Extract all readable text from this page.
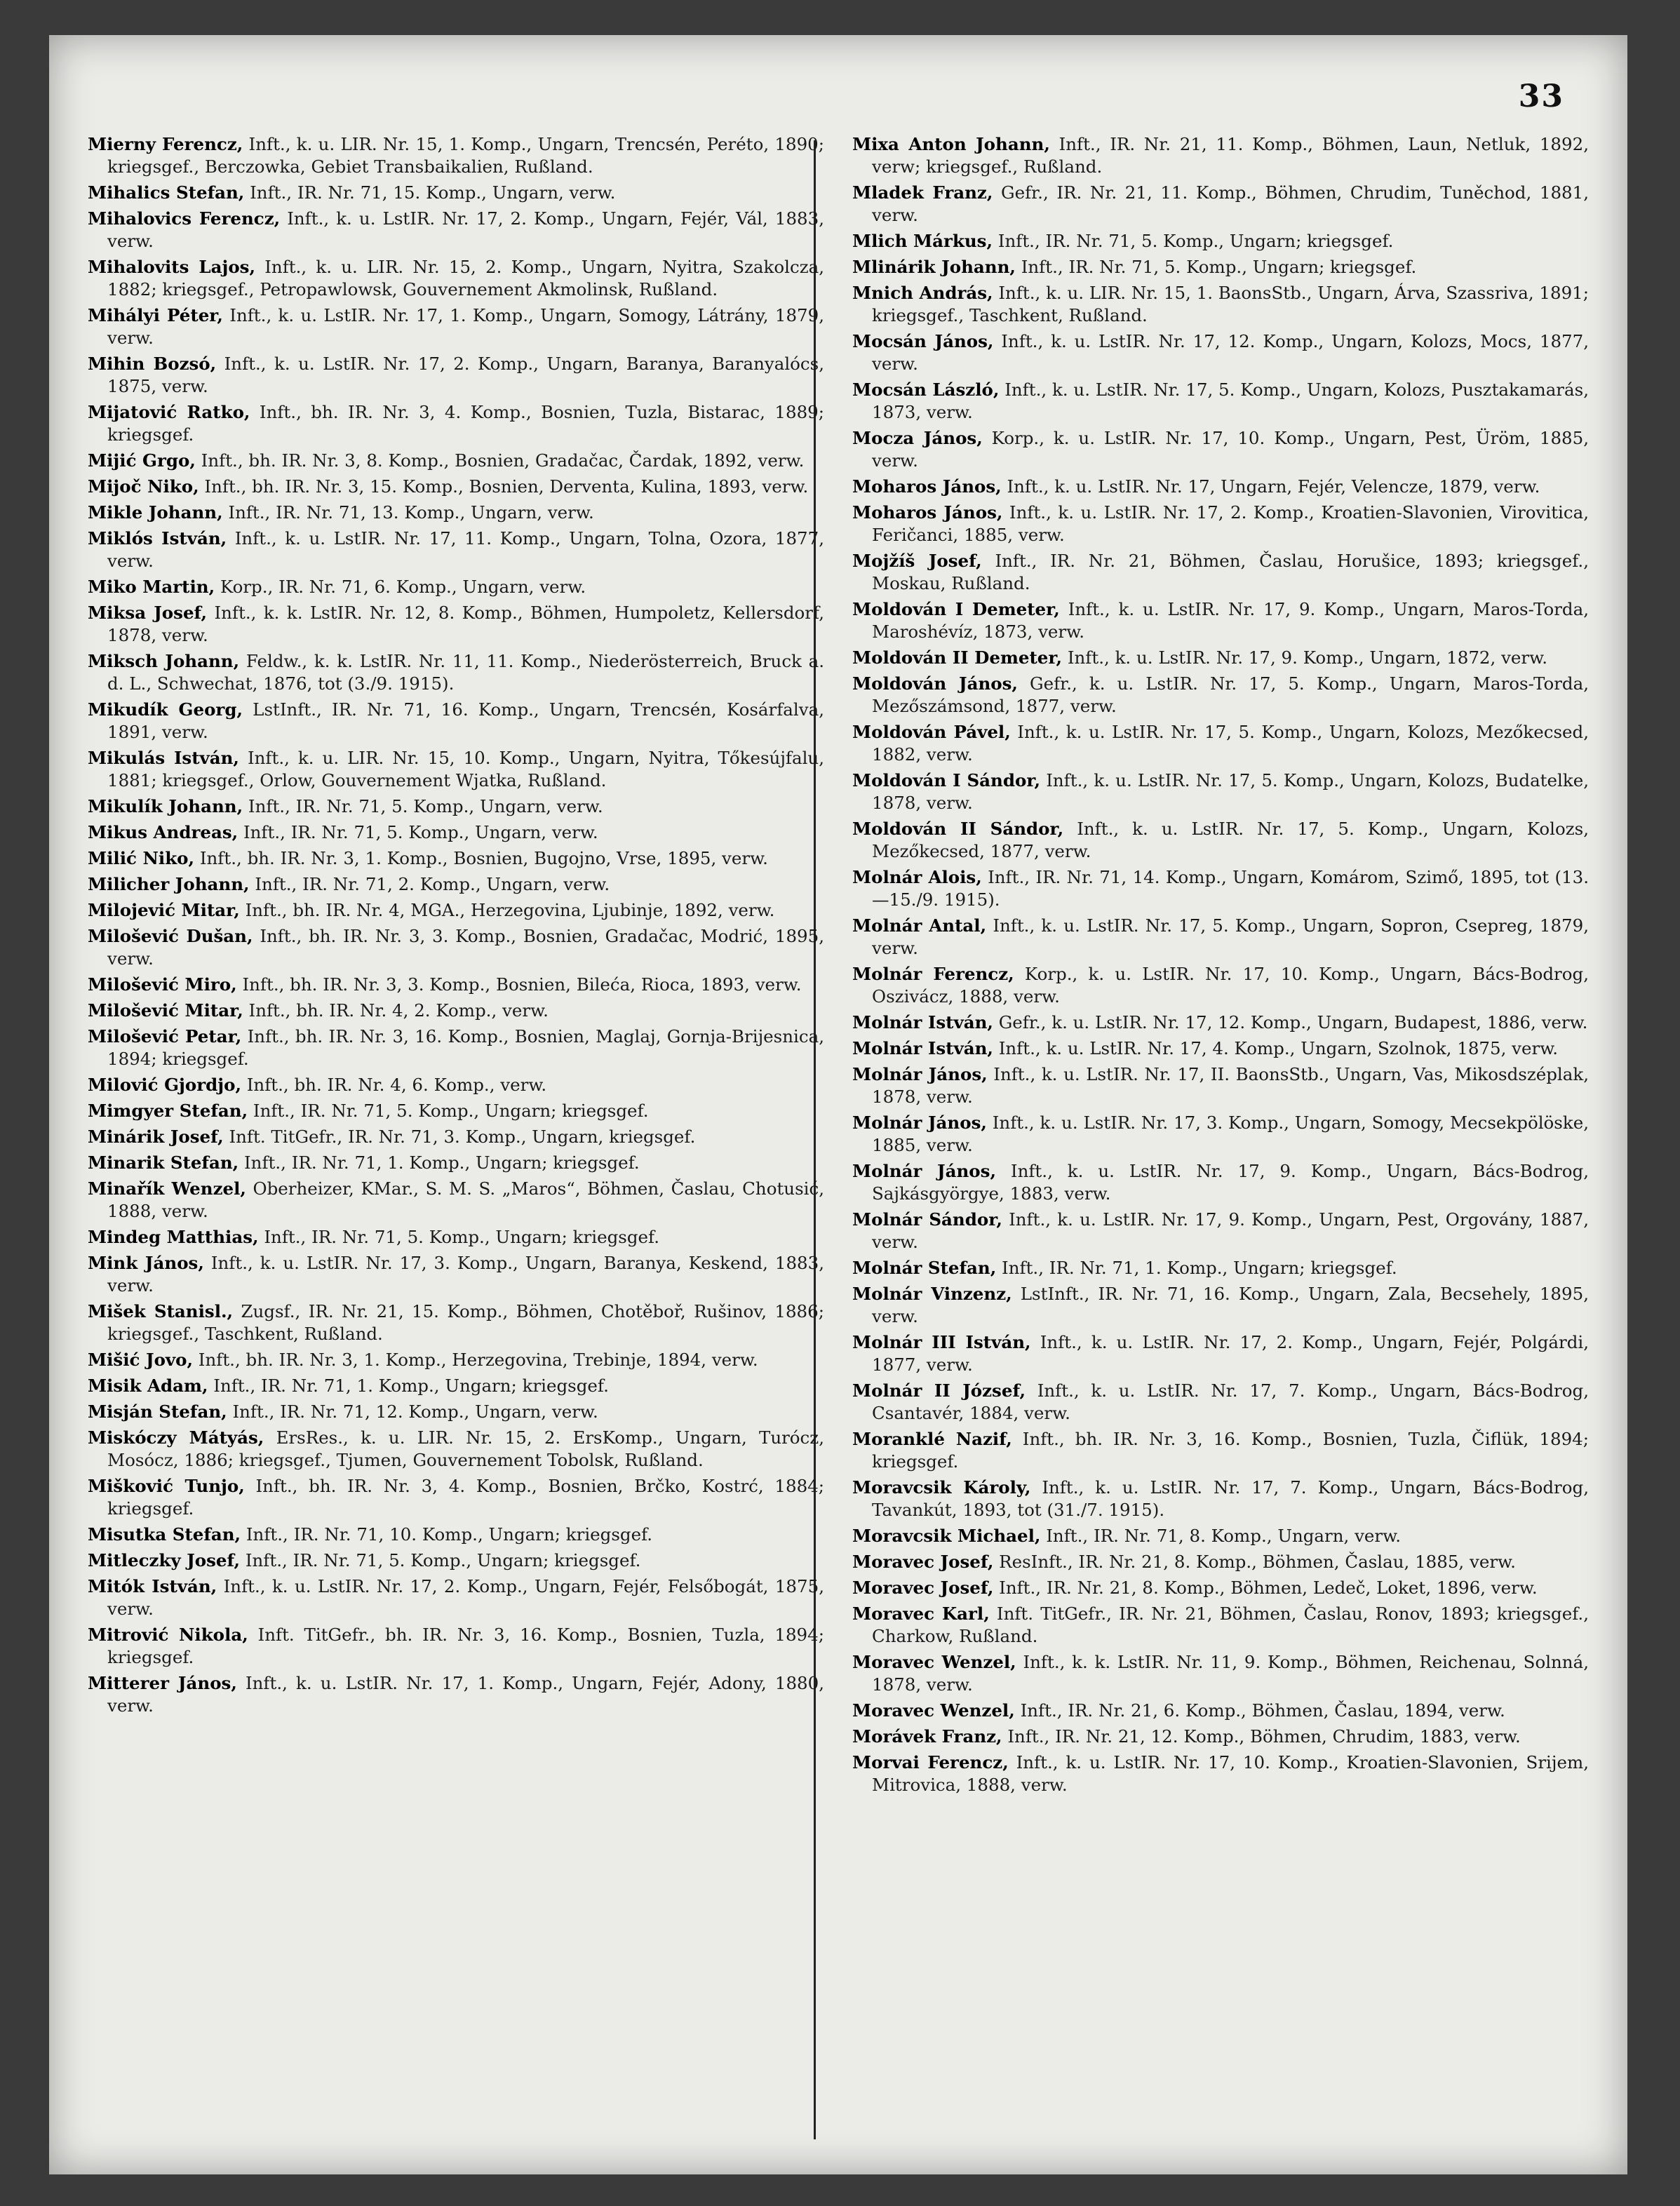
33

Mierny Ferencz, Inft., k. u. LIR. Nr. 15, 1. Komp., Ungarn, Trencsén, Peréto, 1890; kriegsgef., Berczowka, Gebiet Transbaikalien, Rußland.

Mihalics Stefan, Inft., IR. Nr. 71, 15. Komp., Ungarn, verw.

Mihalovics Ferencz, Inft., k. u. LstIR. Nr. 17, 2. Komp., Ungarn, Fejér, Vál, 1883, verw.

Mihalovits Lajos, Inft., k. u. LIR. Nr. 15, 2. Komp., Ungarn, Nyitra, Szakolcza, 1882; kriegsgef., Petropawlowsk, Gouvernement Akmolinsk, Rußland.

Mihályi Péter, Inft., k. u. LstIR. Nr. 17, 1. Komp., Ungarn, Somogy, Látrány, 1879, verw.

Mihin Bozsó, Inft., k. u. LstIR. Nr. 17, 2. Komp., Ungarn, Baranya, Baranyalócs, 1875, verw.

Mijatović Ratko, Inft., bh. IR. Nr. 3, 4. Komp., Bosnien, Tuzla, Bistarac, 1889; kriegsgef.

Mijić Grgo, Inft., bh. IR. Nr. 3, 8. Komp., Bosnien, Gradačac, Čardak, 1892, verw.

Mijoč Niko, Inft., bh. IR. Nr. 3, 15. Komp., Bosnien, Derventa, Kulina, 1893, verw.

Mikle Johann, Inft., IR. Nr. 71, 13. Komp., Ungarn, verw.

Miklós István, Inft., k. u. LstIR. Nr. 17, 11. Komp., Ungarn, Tolna, Ozora, 1877, verw.

Miko Martin, Korp., IR. Nr. 71, 6. Komp., Ungarn, verw.

Miksa Josef, Inft., k. k. LstIR. Nr. 12, 8. Komp., Böhmen, Humpoletz, Kellersdorf, 1878, verw.

Miksch Johann, Feldw., k. k. LstIR. Nr. 11, 11. Komp., Niederösterreich, Bruck a. d. L., Schwechat, 1876, tot (3./9. 1915).

Mikudík Georg, LstInft., IR. Nr. 71, 16. Komp., Ungarn, Trencsén, Kosárfalva, 1891, verw.

Mikulás István, Inft., k. u. LIR. Nr. 15, 10. Komp., Ungarn, Nyitra, Tőkesújfalu, 1881; kriegsgef., Orlow, Gouvernement Wjatka, Rußland.

Mikulík Johann, Inft., IR. Nr. 71, 5. Komp., Ungarn, verw.

Mikus Andreas, Inft., IR. Nr. 71, 5. Komp., Ungarn, verw.

Milić Niko, Inft., bh. IR. Nr. 3, 1. Komp., Bosnien, Bugojno, Vrse, 1895, verw.

Milicher Johann, Inft., IR. Nr. 71, 2. Komp., Ungarn, verw.

Milojević Mitar, Inft., bh. IR. Nr. 4, MGA., Herzegovina, Ljubinje, 1892, verw.

Milošević Dušan, Inft., bh. IR. Nr. 3, 3. Komp., Bosnien, Gradačac, Modrić, 1895, verw.

Milošević Miro, Inft., bh. IR. Nr. 3, 3. Komp., Bosnien, Bileća, Rioca, 1893, verw.

Milošević Mitar, Inft., bh. IR. Nr. 4, 2. Komp., verw.

Milošević Petar, Inft., bh. IR. Nr. 3, 16. Komp., Bosnien, Maglaj, Gornja-Brijesnica, 1894; kriegsgef.

Milović Gjordjo, Inft., bh. IR. Nr. 4, 6. Komp., verw.

Mimgyer Stefan, Inft., IR. Nr. 71, 5. Komp., Ungarn; kriegsgef.

Minárik Josef, Inft. TitGefr., IR. Nr. 71, 3. Komp., Ungarn, kriegsgef.

Minarik Stefan, Inft., IR. Nr. 71, 1. Komp., Ungarn; kriegsgef.

Minařík Wenzel, Oberheizer, KMar., S. M. S. „Maros“, Böhmen, Časlau, Chotusić, 1888, verw.

Mindeg Matthias, Inft., IR. Nr. 71, 5. Komp., Ungarn; kriegsgef.

Mink János, Inft., k. u. LstIR. Nr. 17, 3. Komp., Ungarn, Baranya, Keskend, 1883, verw.

Mišek Stanisl., Zugsf., IR. Nr. 21, 15. Komp., Böhmen, Chotěboř, Rušinov, 1886; kriegsgef., Taschkent, Rußland.

Mišić Jovo, Inft., bh. IR. Nr. 3, 1. Komp., Herzegovina, Trebinje, 1894, verw.

Misik Adam, Inft., IR. Nr. 71, 1. Komp., Ungarn; kriegsgef.

Misján Stefan, Inft., IR. Nr. 71, 12. Komp., Ungarn, verw.

Miskóczy Mátyás, ErsRes., k. u. LIR. Nr. 15, 2. ErsKomp., Ungarn, Turócz, Mosócz, 1886; kriegsgef., Tjumen, Gouvernement Tobolsk, Rußland.

Mišković Tunjo, Inft., bh. IR. Nr. 3, 4. Komp., Bosnien, Brčko, Kostrć, 1884; kriegsgef.

Misutka Stefan, Inft., IR. Nr. 71, 10. Komp., Ungarn; kriegsgef.

Mitleczky Josef, Inft., IR. Nr. 71, 5. Komp., Ungarn; kriegsgef.

Mitók István, Inft., k. u. LstIR. Nr. 17, 2. Komp., Ungarn, Fejér, Felsőbogát, 1875, verw.

Mitrović Nikola, Inft. TitGefr., bh. IR. Nr. 3, 16. Komp., Bosnien, Tuzla, 1894; kriegsgef.

Mitterer János, Inft., k. u. LstIR. Nr. 17, 1. Komp., Ungarn, Fejér, Adony, 1880, verw.

Mixa Anton Johann, Inft., IR. Nr. 21, 11. Komp., Böhmen, Laun, Netluk, 1892, verw; kriegsgef., Rußland.

Mladek Franz, Gefr., IR. Nr. 21, 11. Komp., Böhmen, Chrudim, Tuněchod, 1881, verw.

Mlich Márkus, Inft., IR. Nr. 71, 5. Komp., Ungarn; kriegsgef.

Mlinárik Johann, Inft., IR. Nr. 71, 5. Komp., Ungarn; kriegsgef.

Mnich András, Inft., k. u. LIR. Nr. 15, 1. BaonsStb., Ungarn, Árva, Szassriva, 1891; kriegsgef., Taschkent, Rußland.

Mocsán János, Inft., k. u. LstIR. Nr. 17, 12. Komp., Ungarn, Kolozs, Mocs, 1877, verw.

Mocsán László, Inft., k. u. LstIR. Nr. 17, 5. Komp., Ungarn, Kolozs, Pusztakamarás, 1873, verw.

Mocza János, Korp., k. u. LstIR. Nr. 17, 10. Komp., Ungarn, Pest, Üröm, 1885, verw.

Moharos János, Inft., k. u. LstIR. Nr. 17, Ungarn, Fejér, Velencze, 1879, verw.

Moharos János, Inft., k. u. LstIR. Nr. 17, 2. Komp., Kroatien-Slavonien, Virovitica, Feričanci, 1885, verw.

Mojžíš Josef, Inft., IR. Nr. 21, Böhmen, Časlau, Horušice, 1893; kriegsgef., Moskau, Rußland.

Moldován I Demeter, Inft., k. u. LstIR. Nr. 17, 9. Komp., Ungarn, Maros-Torda, Maroshévíz, 1873, verw.

Moldován II Demeter, Inft., k. u. LstIR. Nr. 17, 9. Komp., Ungarn, 1872, verw.

Moldován János, Gefr., k. u. LstIR. Nr. 17, 5. Komp., Ungarn, Maros-Torda, Mezőszámsond, 1877, verw.

Moldován Pável, Inft., k. u. LstIR. Nr. 17, 5. Komp., Ungarn, Kolozs, Mezőkecsed, 1882, verw.

Moldován I Sándor, Inft., k. u. LstIR. Nr. 17, 5. Komp., Ungarn, Kolozs, Budatelke, 1878, verw.

Moldován II Sándor, Inft., k. u. LstIR. Nr. 17, 5. Komp., Ungarn, Kolozs, Mezőkecsed, 1877, verw.

Molnár Alois, Inft., IR. Nr. 71, 14. Komp., Ungarn, Komárom, Szimő, 1895, tot (13.—15./9. 1915).

Molnár Antal, Inft., k. u. LstIR. Nr. 17, 5. Komp., Ungarn, Sopron, Csepreg, 1879, verw.

Molnár Ferencz, Korp., k. u. LstIR. Nr. 17, 10. Komp., Ungarn, Bács-Bodrog, Oszivácz, 1888, verw.

Molnár István, Gefr., k. u. LstIR. Nr. 17, 12. Komp., Ungarn, Budapest, 1886, verw.

Molnár István, Inft., k. u. LstIR. Nr. 17, 4. Komp., Ungarn, Szolnok, 1875, verw.

Molnár János, Inft., k. u. LstIR. Nr. 17, II. BaonsStb., Ungarn, Vas, Mikosdszéplak, 1878, verw.

Molnár János, Inft., k. u. LstIR. Nr. 17, 3. Komp., Ungarn, Somogy, Mecsekpölöske, 1885, verw.

Molnár János, Inft., k. u. LstIR. Nr. 17, 9. Komp., Ungarn, Bács-Bodrog, Sajkásgyörgye, 1883, verw.

Molnár Sándor, Inft., k. u. LstIR. Nr. 17, 9. Komp., Ungarn, Pest, Orgovány, 1887, verw.

Molnár Stefan, Inft., IR. Nr. 71, 1. Komp., Ungarn; kriegsgef.

Molnár Vinzenz, LstInft., IR. Nr. 71, 16. Komp., Ungarn, Zala, Becsehely, 1895, verw.

Molnár III István, Inft., k. u. LstIR. Nr. 17, 2. Komp., Ungarn, Fejér, Polgárdi, 1877, verw.

Molnár II József, Inft., k. u. LstIR. Nr. 17, 7. Komp., Ungarn, Bács-Bodrog, Csantavér, 1884, verw.

Moranklé Nazif, Inft., bh. IR. Nr. 3, 16. Komp., Bosnien, Tuzla, Čiflük, 1894; kriegsgef.

Moravcsik Károly, Inft., k. u. LstIR. Nr. 17, 7. Komp., Ungarn, Bács-Bodrog, Tavankút, 1893, tot (31./7. 1915).

Moravcsik Michael, Inft., IR. Nr. 71, 8. Komp., Ungarn, verw.

Moravec Josef, ResInft., IR. Nr. 21, 8. Komp., Böhmen, Časlau, 1885, verw.

Moravec Josef, Inft., IR. Nr. 21, 8. Komp., Böhmen, Ledeč, Loket, 1896, verw.

Moravec Karl, Inft. TitGefr., IR. Nr. 21, Böhmen, Časlau, Ronov, 1893; kriegsgef., Charkow, Rußland.

Moravec Wenzel, Inft., k. k. LstIR. Nr. 11, 9. Komp., Böhmen, Reichenau, Solnná, 1878, verw.

Moravec Wenzel, Inft., IR. Nr. 21, 6. Komp., Böhmen, Časlau, 1894, verw.

Morávek Franz, Inft., IR. Nr. 21, 12. Komp., Böhmen, Chrudim, 1883, verw.

Morvai Ferencz, Inft., k. u. LstIR. Nr. 17, 10. Komp., Kroatien-Slavonien, Srijem, Mitrovica, 1888, verw.
